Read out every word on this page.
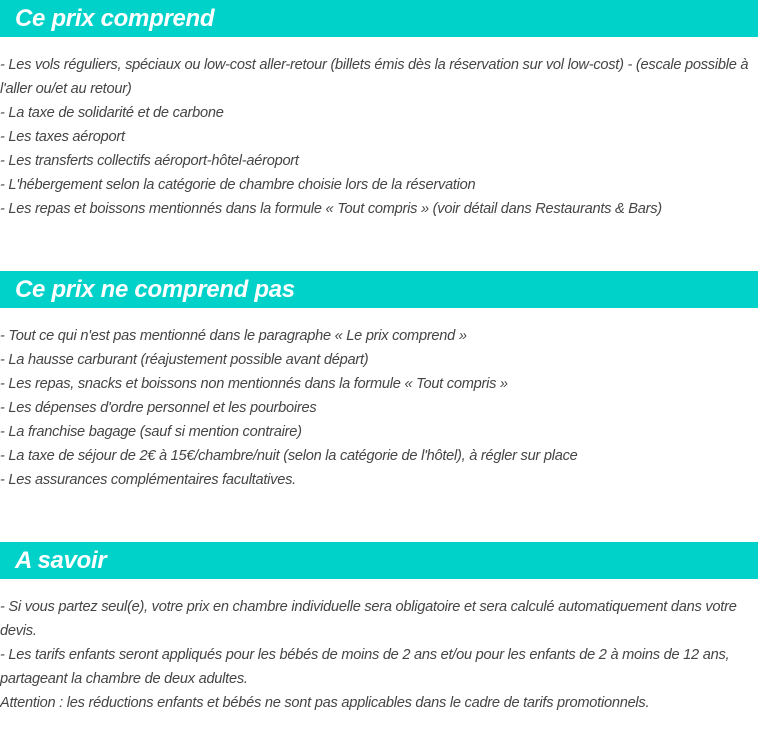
Ce prix comprend
- Les vols réguliers, spéciaux ou low-cost aller-retour (billets émis dès la réservation sur vol low-cost) - (escale possible à l'aller ou/et au retour)
- La taxe de solidarité et de carbone
- Les taxes aéroport
- Les transferts collectifs aéroport-hôtel-aéroport
- L'hébergement selon la catégorie de chambre choisie lors de la réservation
- Les repas et boissons mentionnés dans la formule « Tout compris » (voir détail dans Restaurants & Bars)
Ce prix ne comprend pas
- Tout ce qui n'est pas mentionné dans le paragraphe « Le prix comprend »
- La hausse carburant (réajustement possible avant départ)
- Les repas, snacks et boissons non mentionnés dans la formule « Tout compris »
- Les dépenses d'ordre personnel et les pourboires
- La franchise bagage (sauf si mention contraire)
- La taxe de séjour de 2€ à 15€/chambre/nuit (selon la catégorie de l'hôtel), à régler sur place
- Les assurances complémentaires facultatives.
A savoir
- Si vous partez seul(e), votre prix en chambre individuelle sera obligatoire et sera calculé automatiquement dans votre devis.
- Les tarifs enfants seront appliqués pour les bébés de moins de 2 ans et/ou pour les enfants de 2 à moins de 12 ans, partageant la chambre de deux adultes.
Attention : les réductions enfants et bébés ne sont pas applicables dans le cadre de tarifs promotionnels.
